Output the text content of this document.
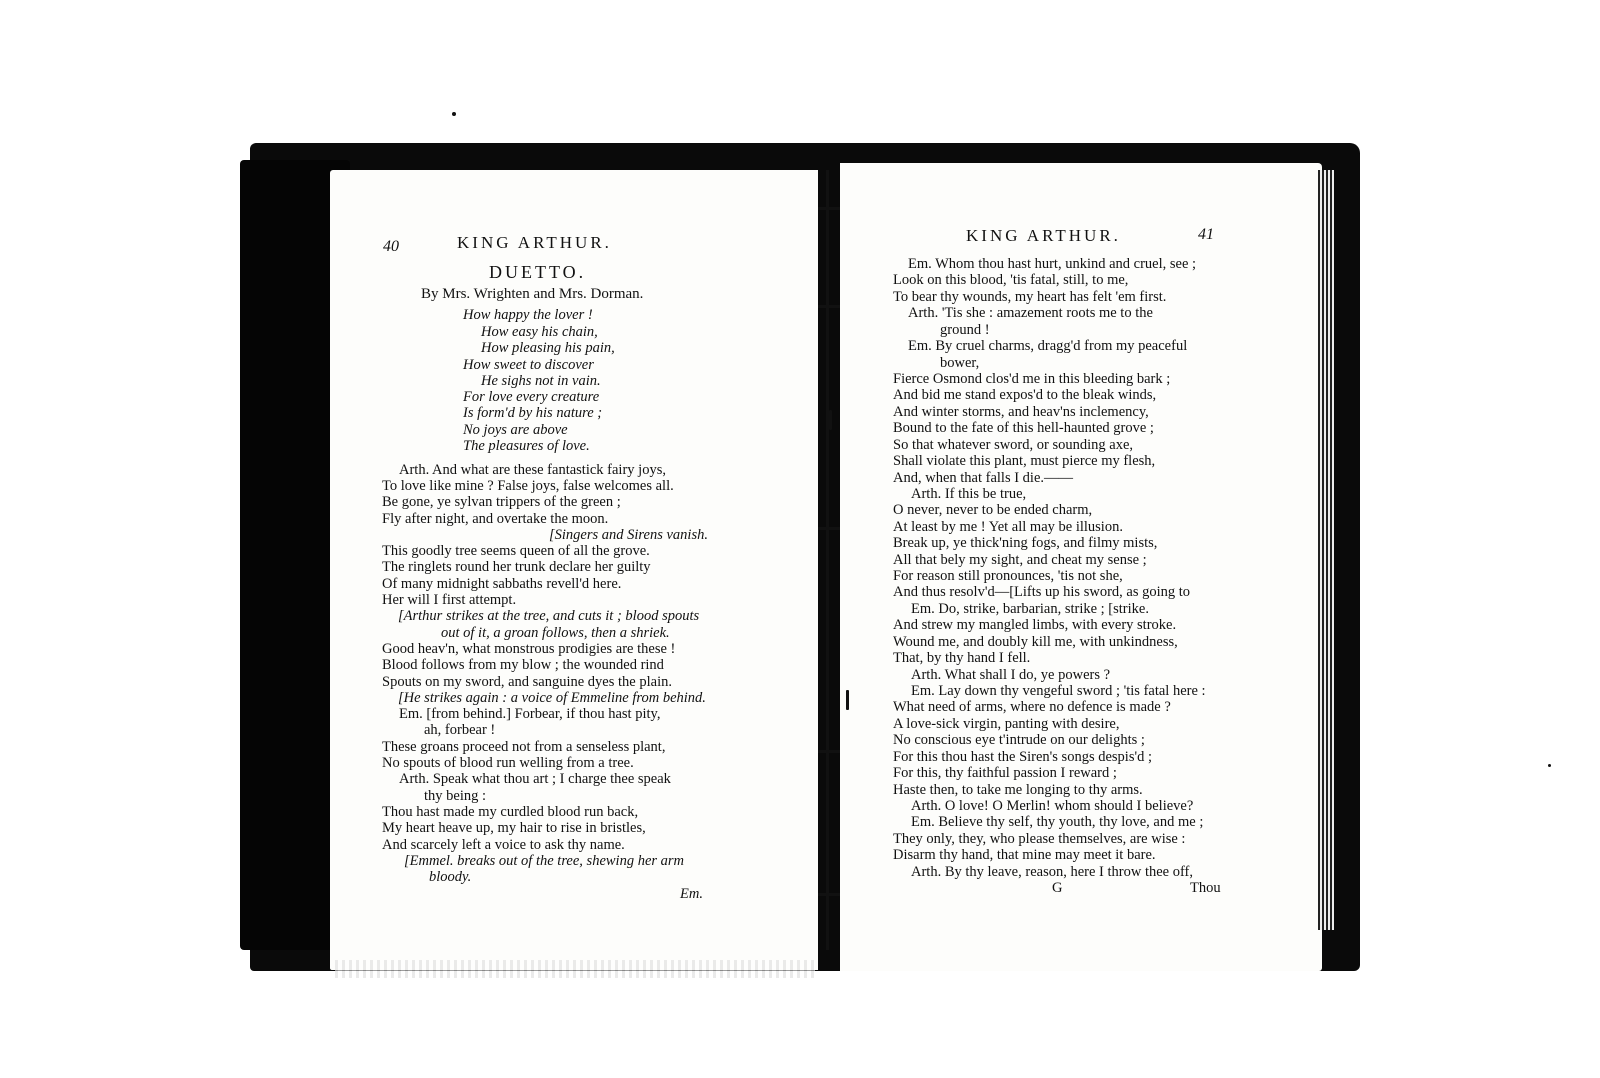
40	KING ARTHUR.
DUETTO.
By Mrs. Wrighten and Mrs. Dorman.
How happy the lover !
How easy his chain,
How pleasing his pain,
How sweet to discover
He sighs not in vain.
For love every creature
Is form'd by his nature ;
No joys are above
The pleasures of love.
Arth. And what are these fantastick fairy joys,
To love like mine ? False joys, false welcomes all.
Be gone, ye sylvan trippers of the green ;
Fly after night, and overtake the moon.
[Singers and Sirens vanish.
This goodly tree seems queen of all the grove.
The ringlets round her trunk declare her guilty
Of many midnight sabbaths revell'd here.
Her will I first attempt.
[Arthur strikes at the tree, and cuts it ; blood spouts
out of it, a groan follows, then a shriek.
Good heav'n, what monstrous prodigies are these !
Blood follows from my blow ; the wounded rind
Spouts on my sword, and sanguine dyes the plain.
[He strikes again : a voice of Emmeline from behind.
Em. [from behind.] Forbear, if thou hast pity,
ah, forbear !
These groans proceed not from a senseless plant,
No spouts of blood run welling from a tree.
Arth. Speak what thou art ; I charge thee speak
thy being :
Thou hast made my curdled blood run back,
My heart heave up, my hair to rise in bristles,
And scarcely left a voice to ask thy name.
[Emmel. breaks out of the tree, shewing her arm
bloody.
Em.
KING ARTHUR.	41
Em. Whom thou hast hurt, unkind and cruel, see ;
Look on this blood, 'tis fatal, still, to me,
To bear thy wounds, my heart has felt 'em first.
Arth. 'Tis she : amazement roots me to the
ground !
Em. By cruel charms, dragg'd from my peaceful
bower,
Fierce Osmond clos'd me in this bleeding bark ;
And bid me stand expos'd to the bleak winds,
And winter storms, and heav'ns inclemency,
Bound to the fate of this hell-haunted grove ;
So that whatever sword, or sounding axe,
Shall violate this plant, must pierce my flesh,
And, when that falls I die.——
Arth. If this be true,
O never, never to be ended charm,
At least by me ! Yet all may be illusion.
Break up, ye thick'ning fogs, and filmy mists,
All that bely my sight, and cheat my sense ;
For reason still pronounces, 'tis not she,
And thus resolv'd—[Lifts up his sword, as going to
Em. Do, strike, barbarian, strike ; [strike.
And strew my mangled limbs, with every stroke.
Wound me, and doubly kill me, with unkindness,
That, by thy hand I fell.
Arth. What shall I do, ye powers ?
Em. Lay down thy vengeful sword ; 'tis fatal here :
What need of arms, where no defence is made ?
A love-sick virgin, panting with desire,
No conscious eye t'intrude on our delights ;
For this thou hast the Siren's songs despis'd ;
For this, thy faithful passion I reward ;
Haste then, to take me longing to thy arms.
Arth. O love! O Merlin! whom should I believe?
Em. Believe thy self, thy youth, thy love, and me ;
They only, they, who please themselves, are wise :
Disarm thy hand, that mine may meet it bare.
Arth. By thy leave, reason, here I throw thee off,
G	Thou
